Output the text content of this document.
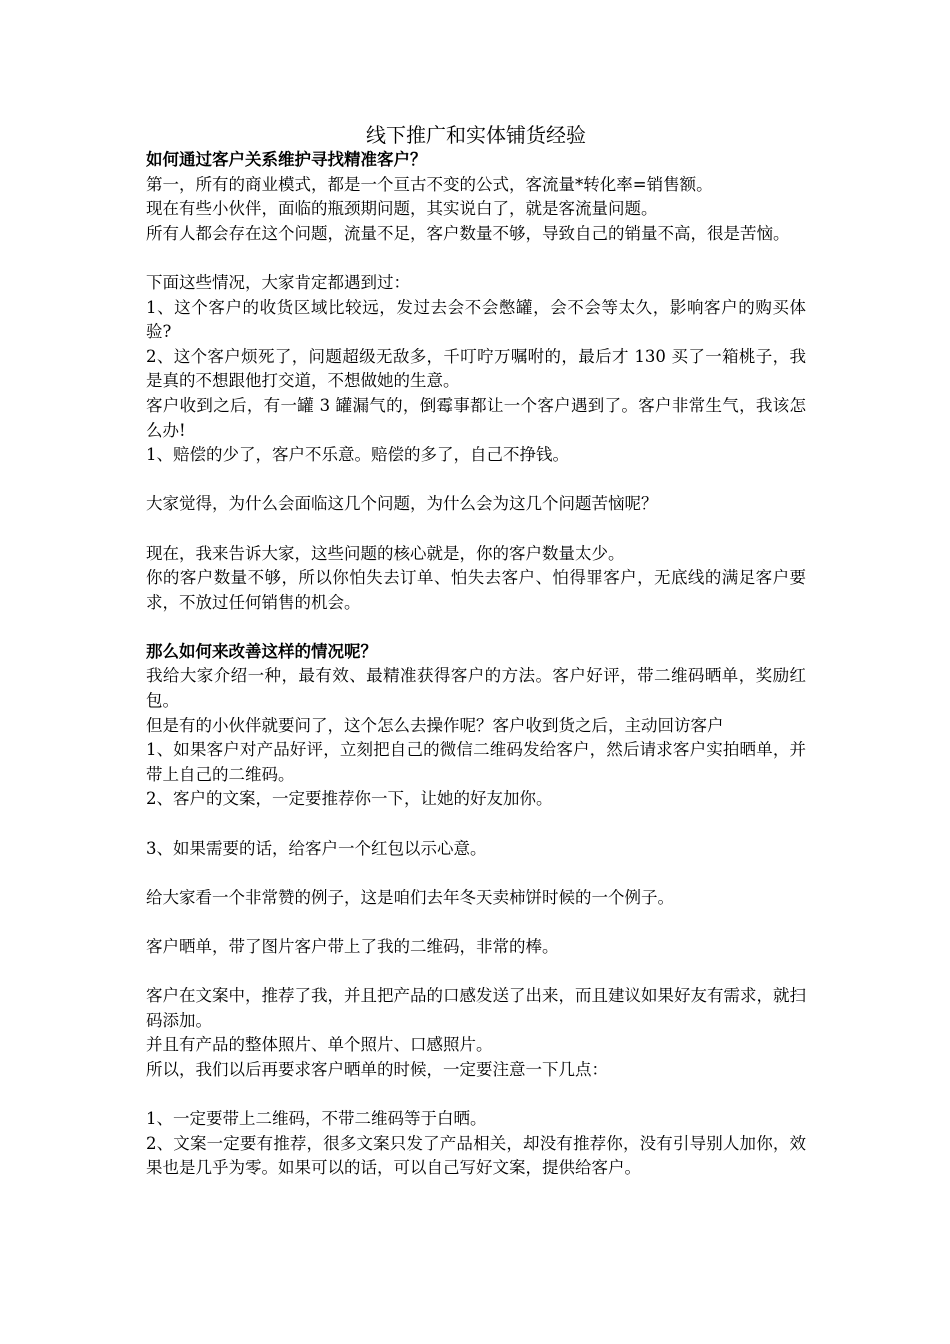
线下推广和实体铺货经验

如何通过客户关系维护寻找精准客户？

第一，所有的商业模式，都是一个亘古不变的公式，客流量*转化率=销售额。

现在有些小伙伴，面临的瓶颈期问题，其实说白了，就是客流量问题。

所有人都会存在这个问题，流量不足，客户数量不够，导致自己的销量不高，很是苦恼。

下面这些情况，大家肯定都遇到过：

1、这个客户的收货区域比较远，发过去会不会憋罐，会不会等太久，影响客户的购买体验?

2、这个客户烦死了，问题超级无敌多，千叮咛万嘱咐的，最后才 130 买了一箱桃子，我是真的不想跟他打交道，不想做她的生意。

客户收到之后，有一罐 3 罐漏气的，倒霉事都让一个客户遇到了。客户非常生气，我该怎么办!

1、赔偿的少了，客户不乐意。赔偿的多了，自己不挣钱。

大家觉得，为什么会面临这几个问题，为什么会为这几个问题苦恼呢？

现在，我来告诉大家，这些问题的核心就是，你的客户数量太少。

你的客户数量不够，所以你怕失去订单、怕失去客户、怕得罪客户，无底线的满足客户要求，不放过任何销售的机会。

那么如何来改善这样的情况呢？

我给大家介绍一种，最有效、最精准获得客户的方法。客户好评，带二维码晒单，奖励红包。

但是有的小伙伴就要问了，这个怎么去操作呢？客户收到货之后，主动回访客户

1、如果客户对产品好评，立刻把自己的微信二维码发给客户，然后请求客户实拍晒单，并带上自己的二维码。

2、客户的文案，一定要推荐你一下，让她的好友加你。

3、如果需要的话，给客户一个红包以示心意。

给大家看一个非常赞的例子，这是咱们去年冬天卖柿饼时候的一个例子。

客户晒单，带了图片客户带上了我的二维码，非常的棒。

客户在文案中，推荐了我，并且把产品的口感发送了出来，而且建议如果好友有需求，就扫码添加。

并且有产品的整体照片、单个照片、口感照片。

所以，我们以后再要求客户晒单的时候，一定要注意一下几点：

1、一定要带上二维码，不带二维码等于白晒。

2、文案一定要有推荐，很多文案只发了产品相关，却没有推荐你，没有引导别人加你，效果也是几乎为零。如果可以的话，可以自己写好文案，提供给客户。
